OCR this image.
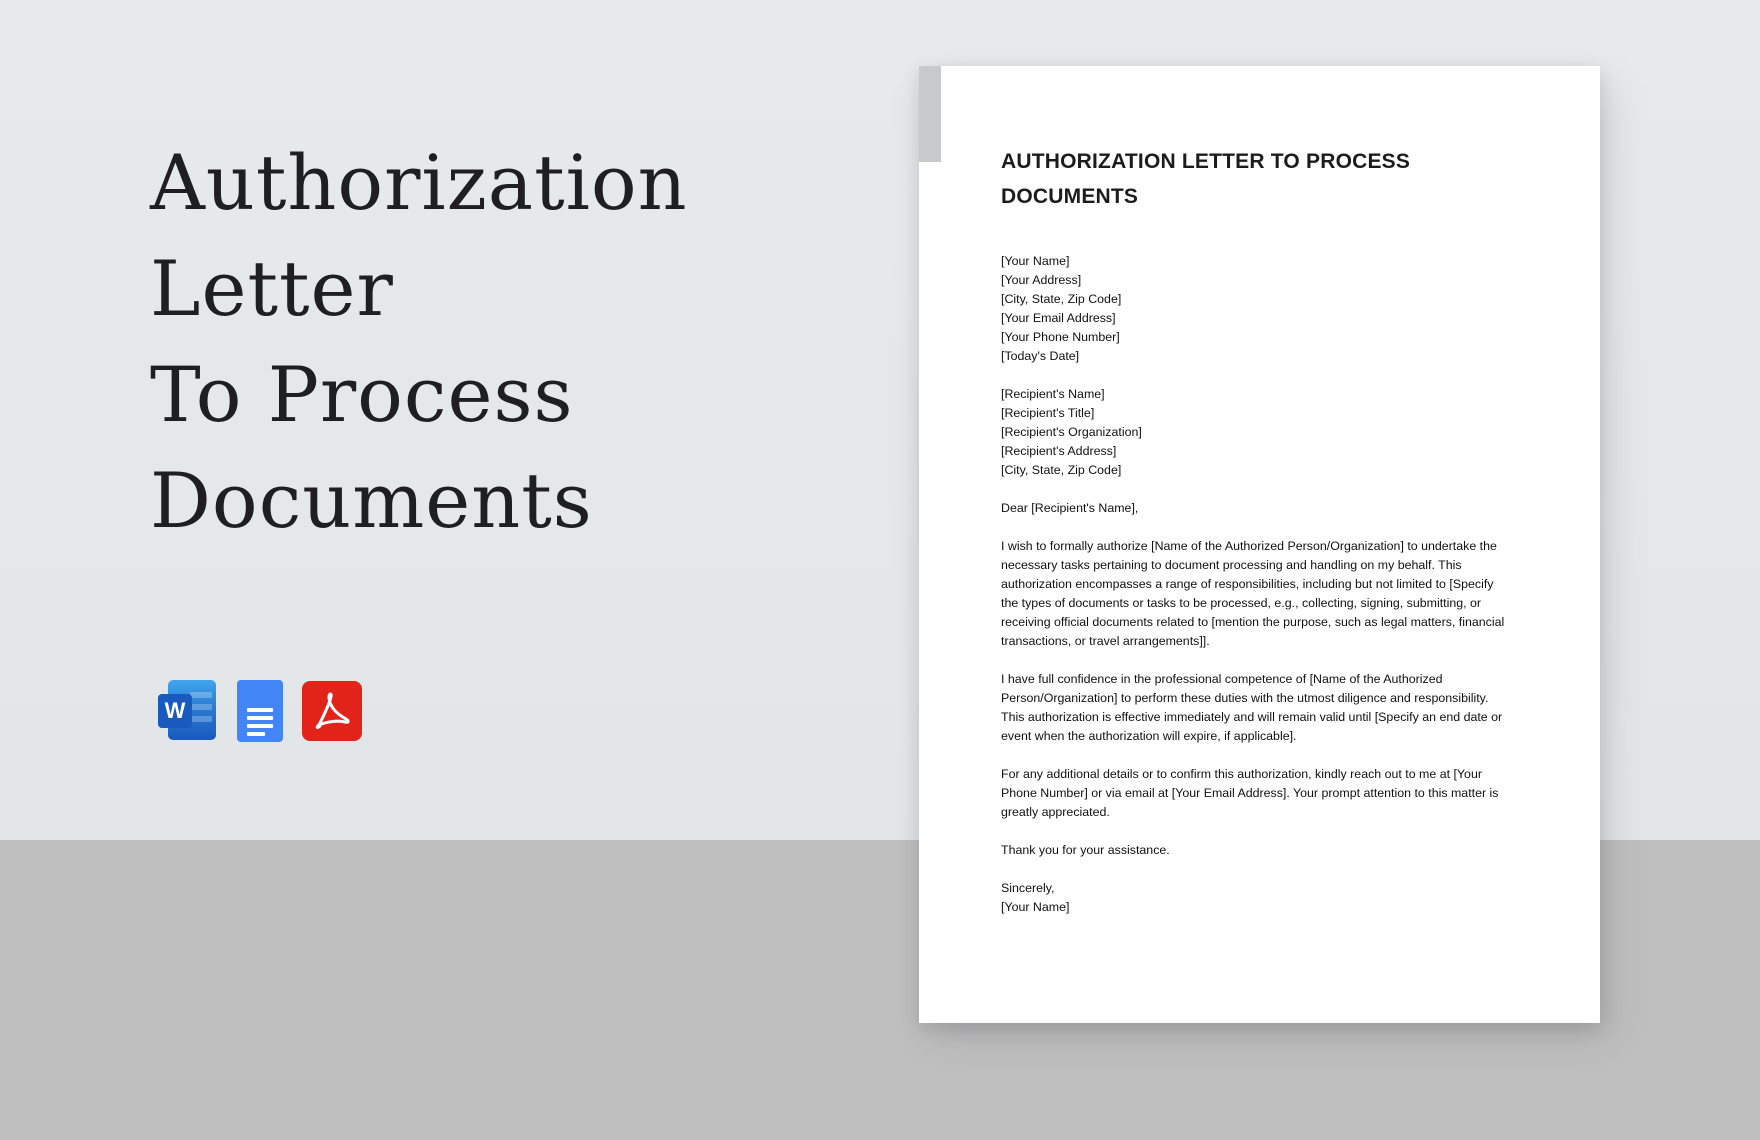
Authorization
Letter
To Process
Documents
W
AUTHORIZATION LETTER TO PROCESS
DOCUMENTS
[Your Name]
[Your Address]
[City, State, Zip Code]
[Your Email Address]
[Your Phone Number]
[Today's Date]
[Recipient's Name]
[Recipient's Title]
[Recipient's Organization]
[Recipient's Address]
[City, State, Zip Code]
Dear [Recipient's Name],
I wish to formally authorize [Name of the Authorized Person/Organization] to undertake the
necessary tasks pertaining to document processing and handling on my behalf. This
authorization encompasses a range of responsibilities, including but not limited to [Specify
the types of documents or tasks to be processed, e.g., collecting, signing, submitting, or
receiving official documents related to [mention the purpose, such as legal matters, financial
transactions, or travel arrangements]].
I have full confidence in the professional competence of [Name of the Authorized
Person/Organization] to perform these duties with the utmost diligence and responsibility.
This authorization is effective immediately and will remain valid until [Specify an end date or
event when the authorization will expire, if applicable].
For any additional details or to confirm this authorization, kindly reach out to me at [Your
Phone Number] or via email at [Your Email Address]. Your prompt attention to this matter is
greatly appreciated.
Thank you for your assistance.
Sincerely,
[Your Name]
